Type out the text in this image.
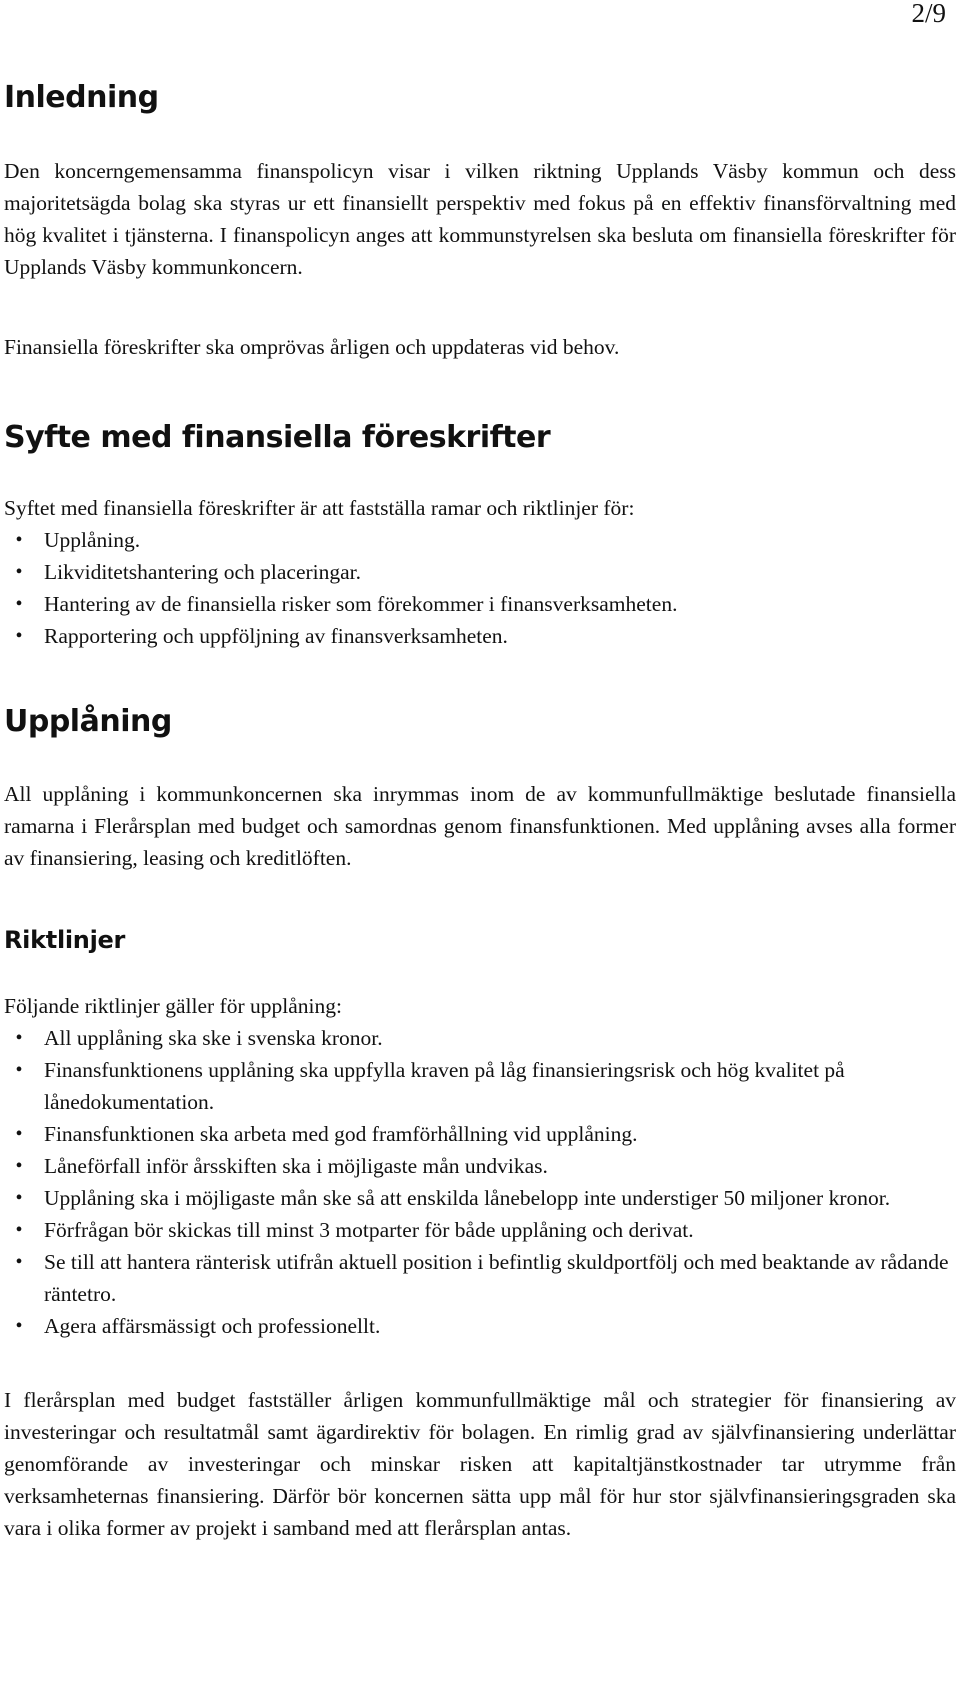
2/9
Inledning

Den koncerngemensamma finanspolicyn visar i vilken riktning Upplands Väsby kommun och dess majoritetsägda bolag ska styras ur ett finansiellt perspektiv med fokus på en effektiv finansförvaltning med hög kvalitet i tjänsterna. I finanspolicyn anges att kommunstyrelsen ska besluta om finansiella föreskrifter för Upplands Väsby kommunkoncern.

Finansiella föreskrifter ska omprövas årligen och uppdateras vid behov.

Syfte med finansiella föreskrifter

Syftet med finansiella föreskrifter är att fastställa ramar och riktlinjer för:

•	Upplåning.
•	Likviditetshantering och placeringar.
•	Hantering av de finansiella risker som förekommer i finansverksamheten.
•	Rapportering och uppföljning av finansverksamheten.
Upplåning

All upplåning i kommunkoncernen ska inrymmas inom de av kommunfullmäktige beslutade finansiella ramarna i Flerårsplan med budget och samordnas genom finansfunktionen. Med upplåning avses alla former av finansiering, leasing och kreditlöften.

Riktlinjer

Följande riktlinjer gäller för upplåning:

•	All upplåning ska ske i svenska kronor.
•	Finansfunktionens upplåning ska uppfylla kraven på låg finansieringsrisk och hög kvalitet på lånedokumentation.
•	Finansfunktionen ska arbeta med god framförhållning vid upplåning.
•	Låneförfall inför årsskiften ska i möjligaste mån undvikas.
•	Upplåning ska i möjligaste mån ske så att enskilda lånebelopp inte understiger 50 miljoner kronor.
•	Förfrågan bör skickas till minst 3 motparter för både upplåning och derivat.
•	Se till att hantera ränterisk utifrån aktuell position i befintlig skuldportfölj och med beaktande av rådande räntetro.
•	Agera affärsmässigt och professionellt.

I flerårsplan med budget fastställer årligen kommunfullmäktige mål och strategier för finansiering av investeringar och resultatmål samt ägardirektiv för bolagen. En rimlig grad av självfinansiering underlättar genomförande av investeringar och minskar risken att kapitaltjänstkostnader tar utrymme från verksamheternas finansiering. Därför bör koncernen sätta upp mål för hur stor självfinansieringsgraden ska vara i olika former av projekt i samband med att flerårsplan antas.
